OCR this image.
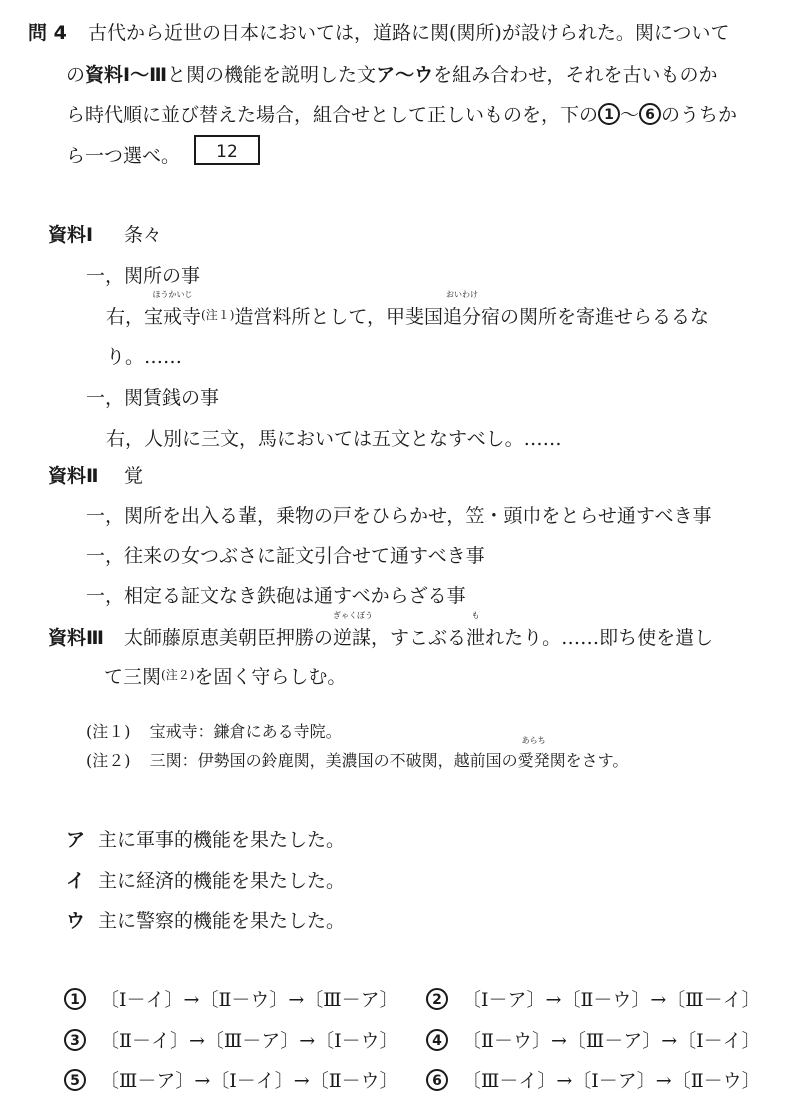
問 4 古代から近世の日本においては，道路に関(関所)が設けられた。関について
の資料Ⅰ～Ⅲと関の機能を説明した文ア～ウを組み合わせ，それを古いものか
ら時代順に並び替えた場合，組合せとして正しいものを，下の 1 ～ 6 のうちか
ら一つ選べ。	12
資料Ⅰ 条々
一，関所の事
右，
ほうかいじ
宝戒寺$^{(注1)}$造営料所として，甲斐国
おいわけ
追分宿の関所を寄進せらるるな
り。……
一，関賃銭の事
右，人別に三文，馬においては五文となすべし。……
資料Ⅱ 覚
一，関所を出入る輩，乗物の戸をひらかせ，笠・頭巾をとらせ通すべき事
一，往来の女つぶさに証文引合せて通すべき事
一，相定る証文なき鉄砲は通すべからざる事
資料Ⅲ 太師藤原恵美朝臣押勝の
ぎゃくぼう
逆謀，すこぶる
も
泄れたり。……即ち使を遣し
て三関$^{(注2)}$を固く守らしむ。
(注１) 宝戒寺：鎌倉にある寺院。
(注２) 三関：伊勢国の鈴鹿関，美濃国の不破関，越前国の
あらち
愛発関をさす。
ア 主に軍事的機能を果たした。
イ 主に経済的機能を果たした。
ウ 主に警察的機能を果たした。
1 〔Ⅰ－イ〕→〔Ⅱ－ウ〕→〔Ⅲ－ア〕	2 〔Ⅰ－ア〕→〔Ⅱ－ウ〕→〔Ⅲ－イ〕
3 〔Ⅱ－イ〕→〔Ⅲ－ア〕→〔Ⅰ－ウ〕	4 〔Ⅱ－ウ〕→〔Ⅲ－ア〕→〔Ⅰ－イ〕
5 〔Ⅲ－ア〕→〔Ⅰ－イ〕→〔Ⅱ－ウ〕	6 〔Ⅲ－イ〕→〔Ⅰ－ア〕→〔Ⅱ－ウ〕
